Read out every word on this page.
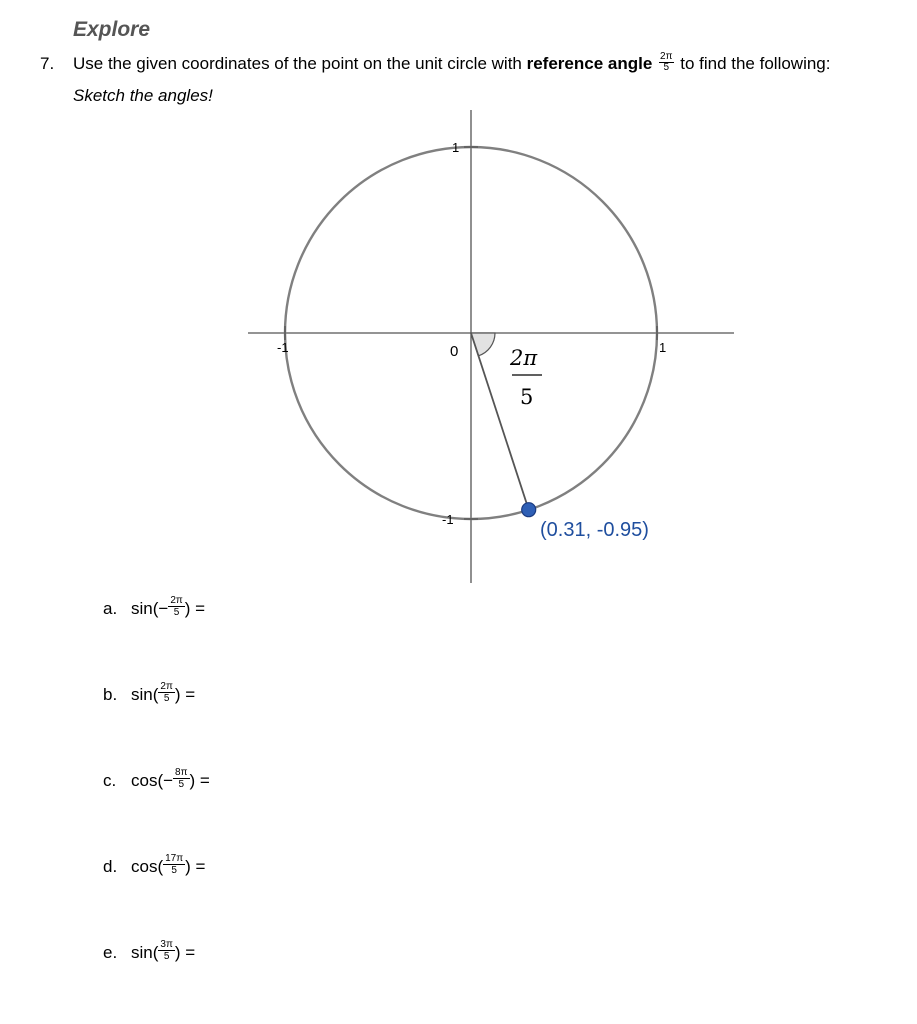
Explore
7. Use the given coordinates of the point on the unit circle with reference angle $\frac{2\pi}{5}$ to find the following:
Sketch the angles!
1
-1
1
-1
0 2π
5
(0.31, -0.95)
a. $\sin(- \frac{2\pi}{5}$ ) =
b. $\sin( \frac{2\pi}{5}$ ) =
c. $\cos(- \frac{8\pi}{5}$ ) =
d. $\cos( \frac{17\pi}{5}$ ) =
e. $\sin( \frac{3\pi}{5}$ ) =
